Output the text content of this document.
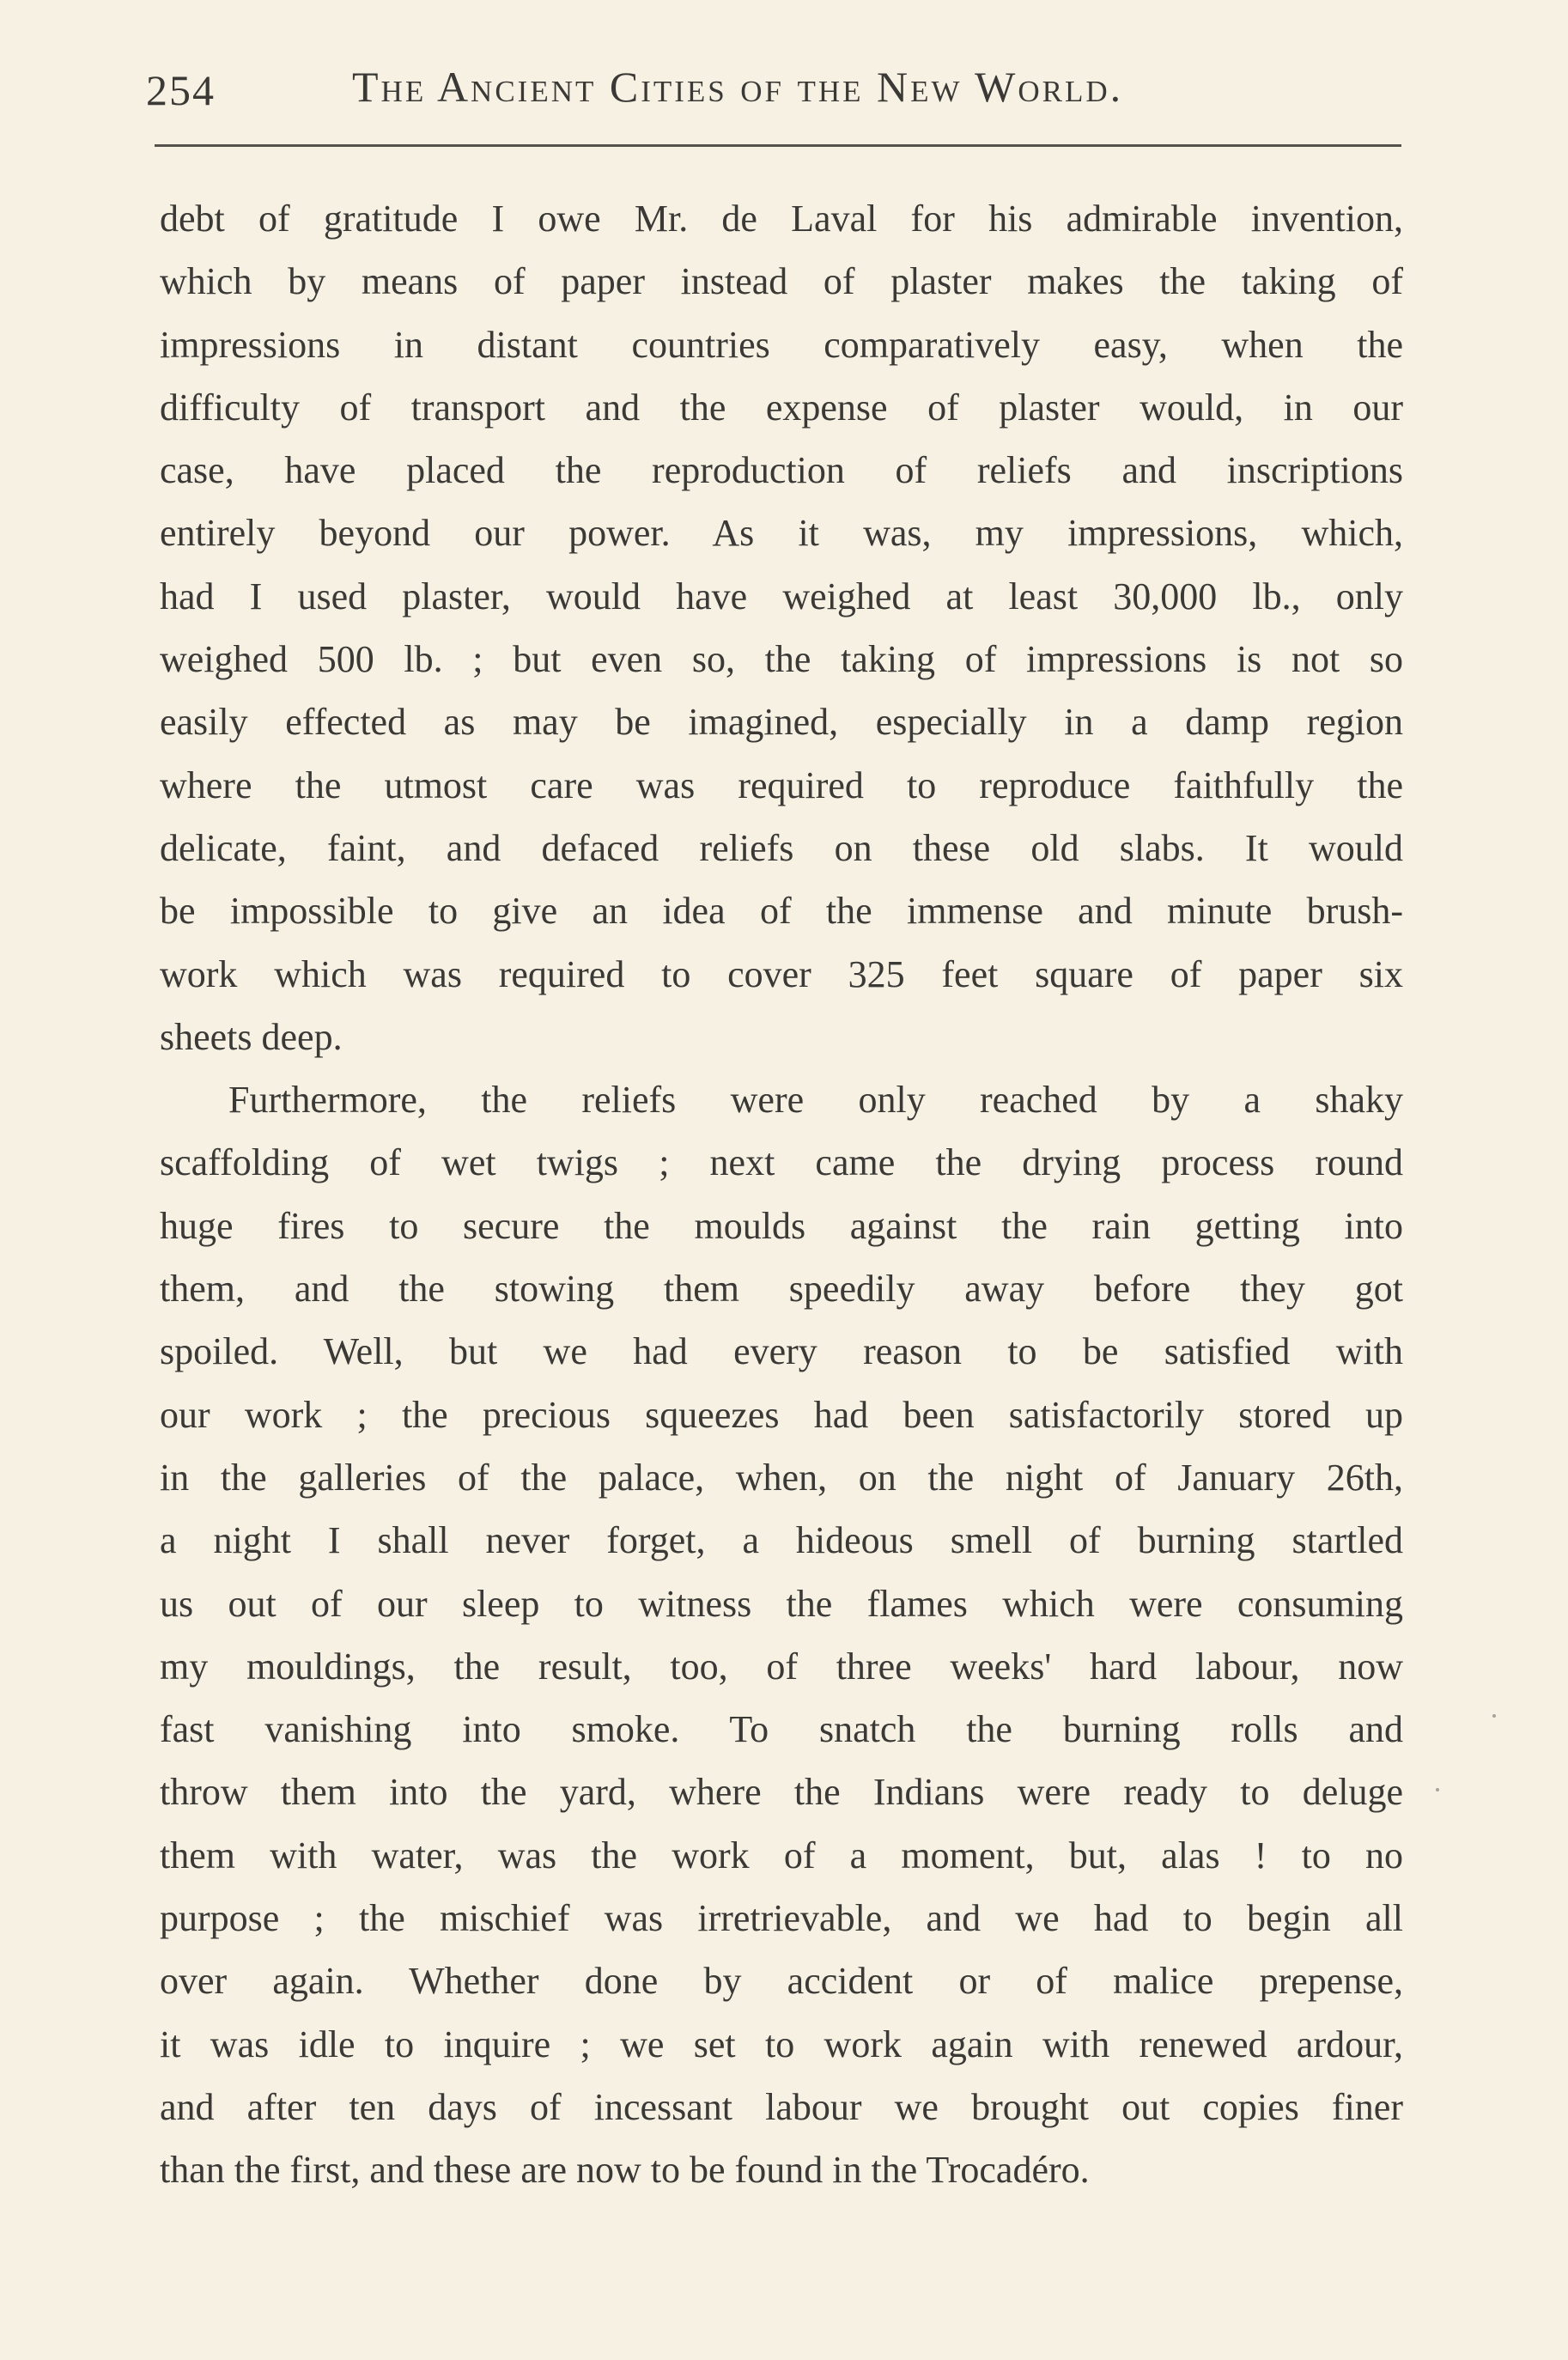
254	The Ancient Cities of the New World.
debt of gratitude I owe Mr. de Laval for his admirable invention,
which by means of paper instead of plaster makes the taking of
impressions in distant countries comparatively easy, when the
difficulty of transport and the expense of plaster would, in our
case, have placed the reproduction of reliefs and inscriptions
entirely beyond our power. As it was, my impressions, which,
had I used plaster, would have weighed at least 30,000 lb., only
weighed 500 lb. ; but even so, the taking of impressions is not so
easily effected as may be imagined, especially in a damp region
where the utmost care was required to reproduce faithfully the
delicate, faint, and defaced reliefs on these old slabs. It would
be impossible to give an idea of the immense and minute brush-
work which was required to cover 325 feet square of paper six
sheets deep.
Furthermore, the reliefs were only reached by a shaky
scaffolding of wet twigs ; next came the drying process round
huge fires to secure the moulds against the rain getting into
them, and the stowing them speedily away before they got
spoiled. Well, but we had every reason to be satisfied with
our work ; the precious squeezes had been satisfactorily stored up
in the galleries of the palace, when, on the night of January 26th,
a night I shall never forget, a hideous smell of burning startled
us out of our sleep to witness the flames which were consuming
my mouldings, the result, too, of three weeks' hard labour, now
fast vanishing into smoke. To snatch the burning rolls and
throw them into the yard, where the Indians were ready to deluge
them with water, was the work of a moment, but, alas ! to no
purpose ; the mischief was irretrievable, and we had to begin all
over again. Whether done by accident or of malice prepense,
it was idle to inquire ; we set to work again with renewed ardour,
and after ten days of incessant labour we brought out copies finer
than the first, and these are now to be found in the Trocadéro.
